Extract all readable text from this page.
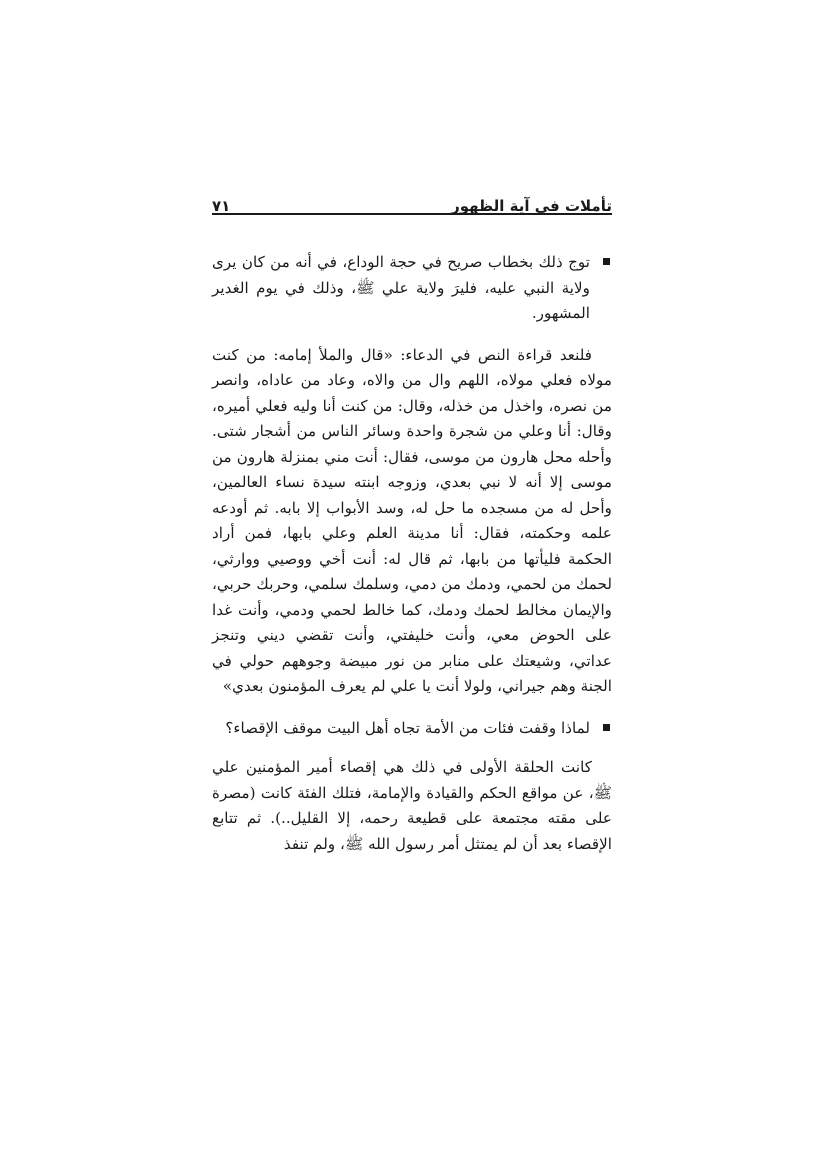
تأملات في آية الظهور
٧١

توج ذلك بخطاب صريح في حجة الوداع، في أنه من كان يرى ولاية النبي عليه، فليرَ ولاية علي ﷺ، وذلك في يوم الغدير المشهور.

فلنعد قراءة النص في الدعاء: «قال والملأ إمامه: من كنت مولاه فعلي مولاه، اللهم وال من والاه، وعاد من عاداه، وانصر من نصره، واخذل من خذله، وقال: من كنت أنا وليه فعلي أميره، وقال: أنا وعلي من شجرة واحدة وسائر الناس من أشجار شتى. وأحله محل هارون من موسى، فقال: أنت مني بمنزلة هارون من موسى إلا أنه لا نبي بعدي، وزوجه ابنته سيدة نساء العالمين، وأحل له من مسجده ما حل له، وسد الأبواب إلا بابه. ثم أودعه علمه وحكمته، فقال: أنا مدينة العلم وعلي بابها، فمن أراد الحكمة فليأتها من بابها، ثم قال له: أنت أخي ووصيي ووارثي، لحمك من لحمي، ودمك من دمي، وسلمك سلمي، وحربك حربي، والإيمان مخالط لحمك ودمك، كما خالط لحمي ودمي، وأنت غدا على الحوض معي، وأنت خليفتي، وأنت تقضي ديني وتنجز عداتي، وشيعتك على منابر من نور مبيضة وجوههم حولي في الجنة وهم جيراني، ولولا أنت يا علي لم يعرف المؤمنون بعدي»

لماذا وقفت فئات من الأمة تجاه أهل البيت موقف الإقصاء؟

كانت الحلقة الأولى في ذلك هي إقصاء أمير المؤمنين علي ﷺ، عن مواقع الحكم والقيادة والإمامة، فتلك الفئة كانت (مصرة على مقته مجتمعة على قطيعة رحمه، إلا القليل..). ثم تتابع الإقصاء بعد أن لم يمتثل أمر رسول الله ﷺ، ولم تنفذ
